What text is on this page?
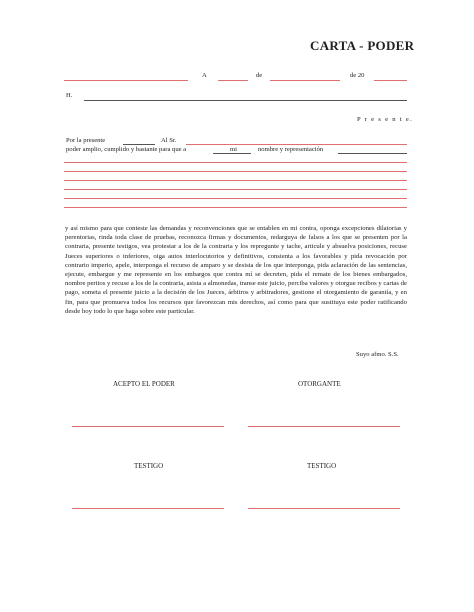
CARTA - PODER
A	de	de 20
H.
P r e s e n t e.
Por la presente	Al Sr.
poder amplio, cumplido y bastante para que a	mi	nombre y representación
y así mismo para que conteste las demandas y reconvenciones que se entablen en mi contra, oponga excepciones dilatorias y perentorias, rinda toda clase de pruebas, reconozca firmas y documentos, redarguya de falsos a los que se presenten por la contraria, presente testigos, vea protestar a los de la contraria y los repregunte y tache, articule y absuelva posiciones, recuse Jueces superiores o inferiores, oiga autos interlocutorios y definitivos, consienta a los favorables y pida revocación por contrario imperio, apele, interponga el recurso de amparo y se desista de los que interponga, pida aclaración de las sentencias, ejecute, embargue y me represente en los embargos que contra mí se decreten, pida el remate de los bienes embargados, nombre peritos y recuse a los de la contraria, asista a almonedas, transe este juicio, perciba valores y otorgue recibos y cartas de pago, someta el presente juicio a la decisión de los Jueces, árbitros y arbitradores, gestione el otorgamiento de garantía, y en fin, para que promueva todos los recursos que favorezcan mis derechos, así como para que sustituya este poder ratificando desde hoy todo lo que haga sobre este particular.
Suyo afmo. S.S.
ACEPTO EL PODER	OTORGANTE
TESTIGO	TESTIGO
